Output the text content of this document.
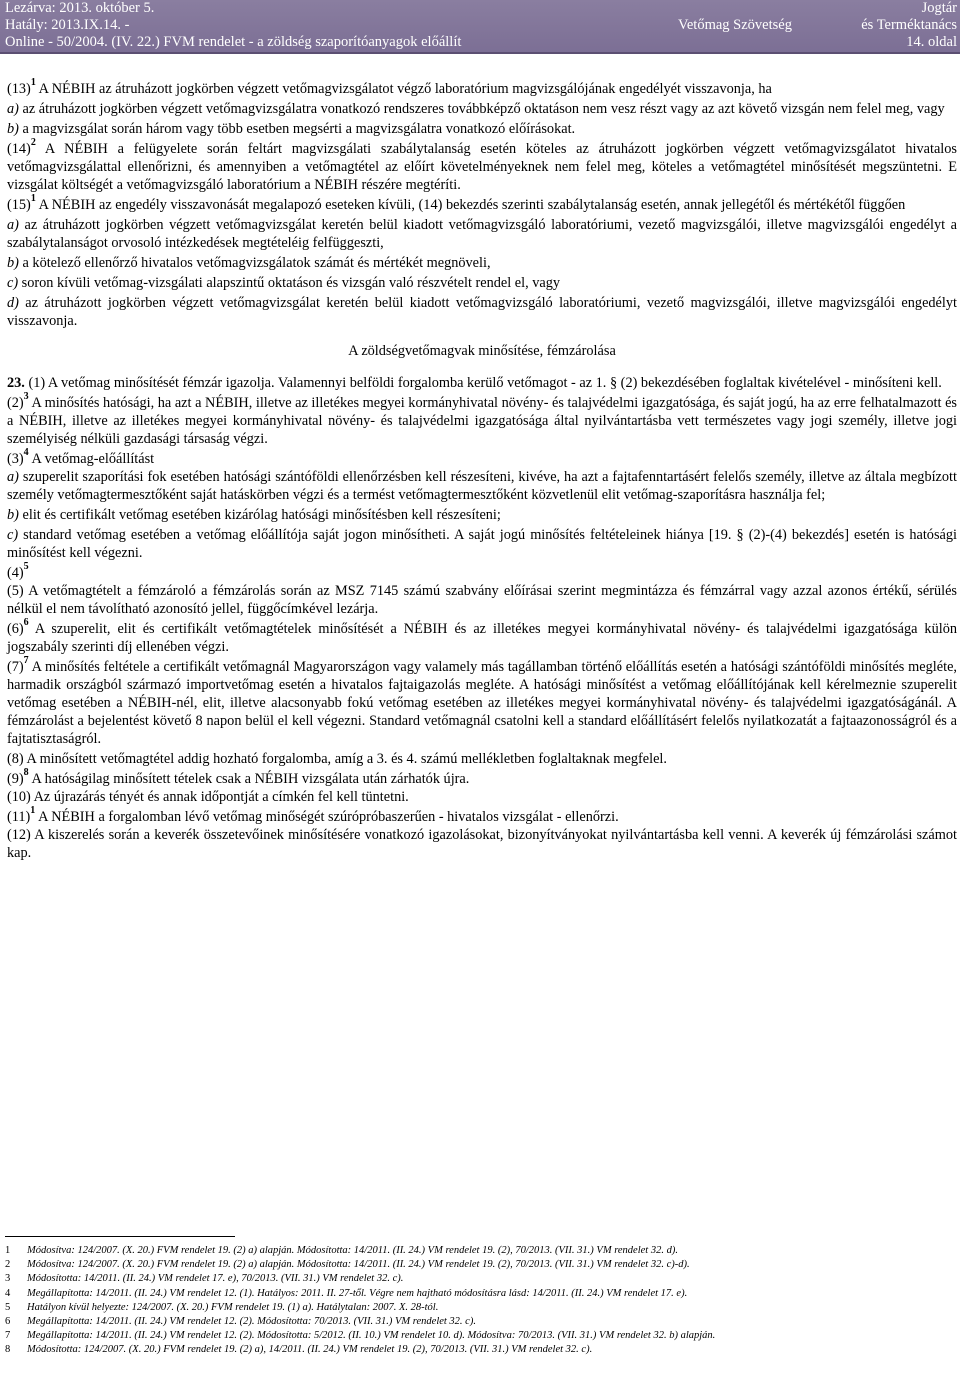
Lezárva: 2013. október 5.
Hatály: 2013.IX.14. -
Online - 50/2004. (IV. 22.) FVM rendelet - a zöldség szaporítóanyagok előállít
Vetőmag Szövetség
Jogtár
és Terméktanács
14. oldal

$(13)^1$ A NÉBIH az átruházott jogkörben végzett vetőmagvizsgálatot végző laboratórium magvizsgálójának engedélyét visszavonja, ha

a) az átruházott jogkörben végzett vetőmagvizsgálatra vonatkozó rendszeres továbbképző oktatáson nem vesz részt vagy az azt követő vizsgán nem felel meg, vagy

b) a magvizsgálat során három vagy több esetben megsérti a magvizsgálatra vonatkozó előírásokat.

$(14)^2$ A NÉBIH a felügyelete során feltárt magvizsgálati szabálytalanság esetén köteles az átruházott jogkörben végzett vetőmagvizsgálatot hivatalos vetőmagvizsgálattal ellenőrizni, és amennyiben a vetőmagtétel az előírt követelményeknek nem felel meg, köteles a vetőmagtétel minősítését megszüntetni. E vizsgálat költségét a vetőmagvizsgáló laboratórium a NÉBIH részére megtéríti.

$(15)^1$ A NÉBIH az engedély visszavonását megalapozó eseteken kívüli, (14) bekezdés szerinti szabálytalanság esetén, annak jellegétől és mértékétől függően

a) az átruházott jogkörben végzett vetőmagvizsgálat keretén belül kiadott vetőmagvizsgáló laboratóriumi, vezető magvizsgálói, illetve magvizsgálói engedélyt a szabálytalanságot orvosoló intézkedések megtételéig felfüggeszti,

b) a kötelező ellenőrző hivatalos vetőmagvizsgálatok számát és mértékét megnöveli,

c) soron kívüli vetőmag-vizsgálati alapszintű oktatáson és vizsgán való részvételt rendel el, vagy

d) az átruházott jogkörben végzett vetőmagvizsgálat keretén belül kiadott vetőmagvizsgáló laboratóriumi, vezető magvizsgálói, illetve magvizsgálói engedélyt visszavonja.

A zöldségvetőmagvak minősítése, fémzárolása

23. (1) A vetőmag minősítését fémzár igazolja. Valamennyi belföldi forgalomba kerülő vetőmagot - az 1. § (2) bekezdésében foglaltak kivételével - minősíteni kell.

$(2)^3$ A minősítés hatósági, ha azt a NÉBIH, illetve az illetékes megyei kormányhivatal növény- és talajvédelmi igazgatósága, és saját jogú, ha az erre felhatalmazott és a NÉBIH, illetve az illetékes megyei kormányhivatal növény- és talajvédelmi igazgatósága által nyilvántartásba vett természetes vagy jogi személy, illetve jogi személyiség nélküli gazdasági társaság végzi.

$(3)^4$ A vetőmag-előállítást

a) szuperelit szaporítási fok esetében hatósági szántóföldi ellenőrzésben kell részesíteni, kivéve, ha azt a fajtafenntartásért felelős személy, illetve az általa megbízott személy vetőmagtermesztőként saját hatáskörben végzi és a termést vetőmagtermesztőként közvetlenül elit vetőmag-szaporításra használja fel;

b) elit és certifikált vetőmag esetében kizárólag hatósági minősítésben kell részesíteni;

c) standard vetőmag esetében a vetőmag előállítója saját jogon minősítheti. A saját jogú minősítés feltételeinek hiánya [19. § (2)-(4) bekezdés] esetén is hatósági minősítést kell végezni.

$(4)^5$

(5) A vetőmagtételt a fémzároló a fémzárolás során az MSZ 7145 számú szabvány előírásai szerint megmintázza és fémzárral vagy azzal azonos értékű, sérülés nélkül el nem távolítható azonosító jellel, függőcímkével lezárja.

$(6)^6$ A szuperelit, elit és certifikált vetőmagtételek minősítését a NÉBIH és az illetékes megyei kormányhivatal növény- és talajvédelmi igazgatósága külön jogszabály szerinti díj ellenében végzi.

$(7)^7$ A minősítés feltétele a certifikált vetőmagnál Magyarországon vagy valamely más tagállamban történő előállítás esetén a hatósági szántóföldi minősítés megléte, harmadik országból származó importvetőmag esetén a hivatalos fajtaigazolás megléte. A hatósági minősítést a vetőmag előállítójának kell kérelmeznie szuperelit vetőmag esetében a NÉBIH-nél, elit, illetve alacsonyabb fokú vetőmag esetében az illetékes megyei kormányhivatal növény- és talajvédelmi igazgatóságánál. A fémzárolást a bejelentést követő 8 napon belül el kell végezni. Standard vetőmagnál csatolni kell a standard előállításért felelős nyilatkozatát a fajtaazonosságról és a fajtatisztaságról.

(8) A minősített vetőmagtétel addig hozható forgalomba, amíg a 3. és 4. számú mellékletben foglaltaknak megfelel.

$(9)^8$ A hatóságilag minősített tételek csak a NÉBIH vizsgálata után zárhatók újra.

(10) Az újrazárás tényét és annak időpontját a címkén fel kell tüntetni.

$(11)^1$ A NÉBIH a forgalomban lévő vetőmag minőségét szúrópróbaszerűen - hivatalos vizsgálat - ellenőrzi.

(12) A kiszerelés során a keverék összetevőinek minősítésére vonatkozó igazolásokat, bizonyítványokat nyilvántartásba kell venni. A keverék új fémzárolási számot kap.

1	Módosítva: 124/2007. (X. 20.) FVM rendelet 19. (2) a) alapján. Módosította: 14/2011. (II. 24.) VM rendelet 19. (2), 70/2013. (VII. 31.) VM rendelet 32. d).
2	Módosítva: 124/2007. (X. 20.) FVM rendelet 19. (2) a) alapján. Módosította: 14/2011. (II. 24.) VM rendelet 19. (2), 70/2013. (VII. 31.) VM rendelet 32. c)-d).
3	Módosította: 14/2011. (II. 24.) VM rendelet 17. e), 70/2013. (VII. 31.) VM rendelet 32. c).
4	Megállapította: 14/2011. (II. 24.) VM rendelet 12. (1). Hatályos: 2011. II. 27-től. Végre nem hajtható módosításra lásd: 14/2011. (II. 24.) VM rendelet 17. e).
5	Hatályon kívül helyezte: 124/2007. (X. 20.) FVM rendelet 19. (1) a). Hatálytalan: 2007. X. 28-tól.
6	Megállapította: 14/2011. (II. 24.) VM rendelet 12. (2). Módosította: 70/2013. (VII. 31.) VM rendelet 32. c).
7	Megállapította: 14/2011. (II. 24.) VM rendelet 12. (2). Módosította: 5/2012. (II. 10.) VM rendelet 10. d). Módosítva: 70/2013. (VII. 31.) VM rendelet 32. b) alapján.
8	Módosította: 124/2007. (X. 20.) FVM rendelet 19. (2) a), 14/2011. (II. 24.) VM rendelet 19. (2), 70/2013. (VII. 31.) VM rendelet 32. c).
